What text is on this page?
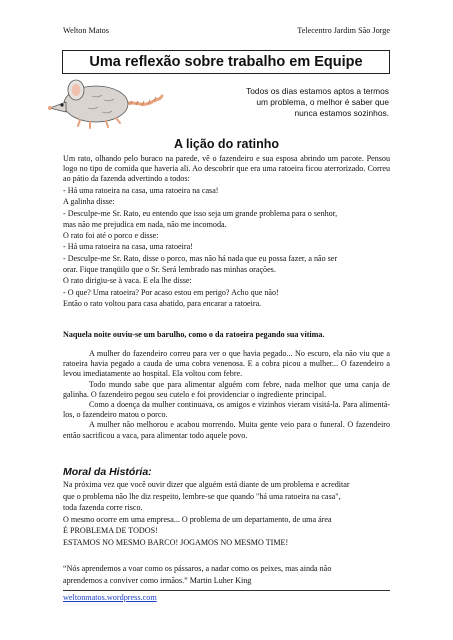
Welton Matos	Telecentro Jardim São Jorge
Uma reflexão sobre trabalho em Equipe
Todos os dias estamos aptos a termos
um problema, o melhor é saber que
nunca estamos sozinhos.
A lição do ratinho
Um rato, olhando pelo buraco na parede, vê o fazendeiro e sua esposa abrindo um pacote. Pensou logo no tipo de comida que haveria ali. Ao descobrir que era uma ratoeira ficou aterrorizado. Correu ao pátio da fazenda advertindo a todos:
- Há uma ratoeira na casa, uma ratoeira na casa!
A galinha disse:
- Desculpe-me Sr. Rato, eu entendo que isso seja um grande problema para o senhor,
mas não me prejudica em nada, não me incomoda.
O rato foi até o porco e disse:
- Há uma ratoeira na casa, uma ratoeira!
- Desculpe-me Sr. Rato, disse o porco, mas não há nada que eu possa fazer, a não ser
orar. Fique tranqüilo que o Sr. Será lembrado nas minhas orações.
O rato dirigiu-se à vaca. E ela lhe disse:
- O que? Uma ratoeira? Por acaso estou em perigo? Acho que não!
Então o rato voltou para casa abatido, para encarar a ratoeira.
Naquela noite ouviu-se um barulho, como o da ratoeira pegando sua vítima.

A mulher do fazendeiro correu para ver o que havia pegado... No escuro, ela não viu que a ratoeira havia pegado a cauda de uma cobra venenosa. E a cobra picou a mulher... O fazendeiro a levou imediatamente ao hospital. Ela voltou com febre.

Todo mundo sabe que para alimentar alguém com febre, nada melhor que uma canja de galinha. O fazendeiro pegou seu cutelo e foi providenciar o ingrediente principal.

Como a doença da mulher continuava, os amigos e vizinhos vieram visitá-la. Para alimentá-los, o fazendeiro matou o porco.

A mulher não melhorou e acabou morrendo. Muita gente veio para o funeral. O fazendeiro então sacrificou a vaca, para alimentar todo aquele povo.

Moral da História:
Na próxima vez que você ouvir dizer que alguém está diante de um problema e acreditar
que o problema não lhe diz respeito, lembre-se que quando "há uma ratoeira na casa",
toda fazenda corre risco.
O mesmo ocorre em uma empresa... O problema de um departamento, de uma área
É PROBLEMA DE TODOS!
ESTAMOS NO MESMO BARCO! JOGAMOS NO MESMO TIME!
“Nós aprendemos a voar como os pássaros, a nadar como os peixes, mas ainda não
aprendemos a conviver como irmãos.” Martin Luher King
weltonmatos.wordpress.com
